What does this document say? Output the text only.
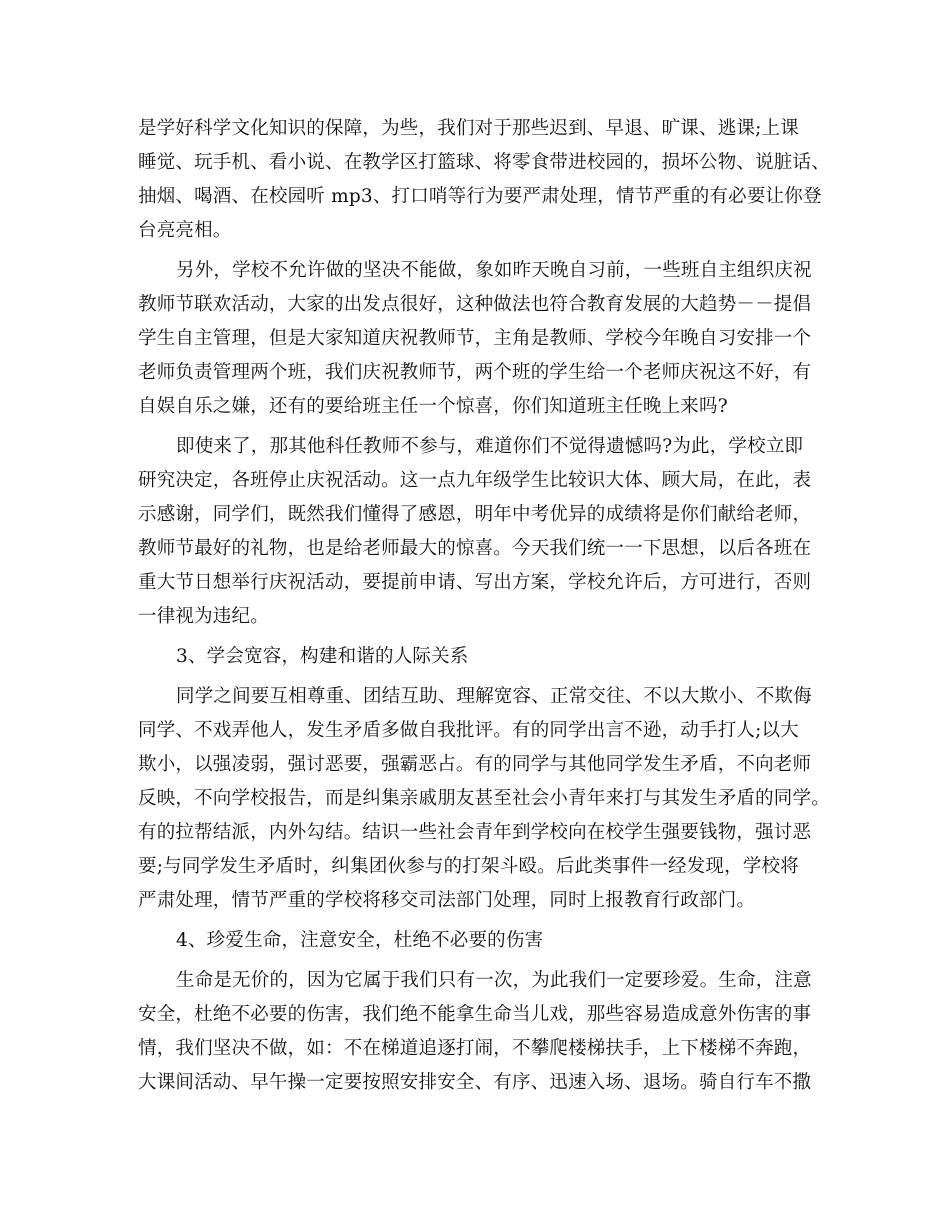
是学好科学文化知识的保障，为些，我们对于那些迟到、早退、旷课、逃课;上课
睡觉、玩手机、看小说、在教学区打篮球、将零食带进校园的，损坏公物、说脏话、
抽烟、喝酒、在校园听 mp3、打口哨等行为要严肃处理，情节严重的有必要让你登
台亮亮相。
另外，学校不允许做的坚决不能做，象如昨天晚自习前，一些班自主组织庆祝
教师节联欢活动，大家的出发点很好，这种做法也符合教育发展的大趋势－－提倡
学生自主管理，但是大家知道庆祝教师节，主角是教师、学校今年晚自习安排一个
老师负责管理两个班，我们庆祝教师节，两个班的学生给一个老师庆祝这不好，有
自娱自乐之嫌，还有的要给班主任一个惊喜，你们知道班主任晚上来吗?
即使来了，那其他科任教师不参与，难道你们不觉得遗憾吗?为此，学校立即
研究决定，各班停止庆祝活动。这一点九年级学生比较识大体、顾大局，在此，表
示感谢，同学们，既然我们懂得了感恩，明年中考优异的成绩将是你们献给老师，
教师节最好的礼物，也是给老师最大的惊喜。今天我们统一一下思想，以后各班在
重大节日想举行庆祝活动，要提前申请、写出方案，学校允许后，方可进行，否则
一律视为违纪。
3、学会宽容，构建和谐的人际关系
同学之间要互相尊重、团结互助、理解宽容、正常交往、不以大欺小、不欺侮
同学、不戏弄他人，发生矛盾多做自我批评。有的同学出言不逊，动手打人;以大
欺小，以强凌弱，强讨恶要，强霸恶占。有的同学与其他同学发生矛盾，不向老师
反映，不向学校报告，而是纠集亲戚朋友甚至社会小青年来打与其发生矛盾的同学。
有的拉帮结派，内外勾结。结识一些社会青年到学校向在校学生强要钱物，强讨恶
要;与同学发生矛盾时，纠集团伙参与的打架斗殴。后此类事件一经发现，学校将
严肃处理，情节严重的学校将移交司法部门处理，同时上报教育行政部门。
4、珍爱生命，注意安全，杜绝不必要的伤害
生命是无价的，因为它属于我们只有一次，为此我们一定要珍爱。生命，注意
安全，杜绝不必要的伤害，我们绝不能拿生命当儿戏，那些容易造成意外伤害的事
情，我们坚决不做，如：不在梯道追逐打闹，不攀爬楼梯扶手，上下楼梯不奔跑，
大课间活动、早午操一定要按照安排安全、有序、迅速入场、退场。骑自行车不撒
